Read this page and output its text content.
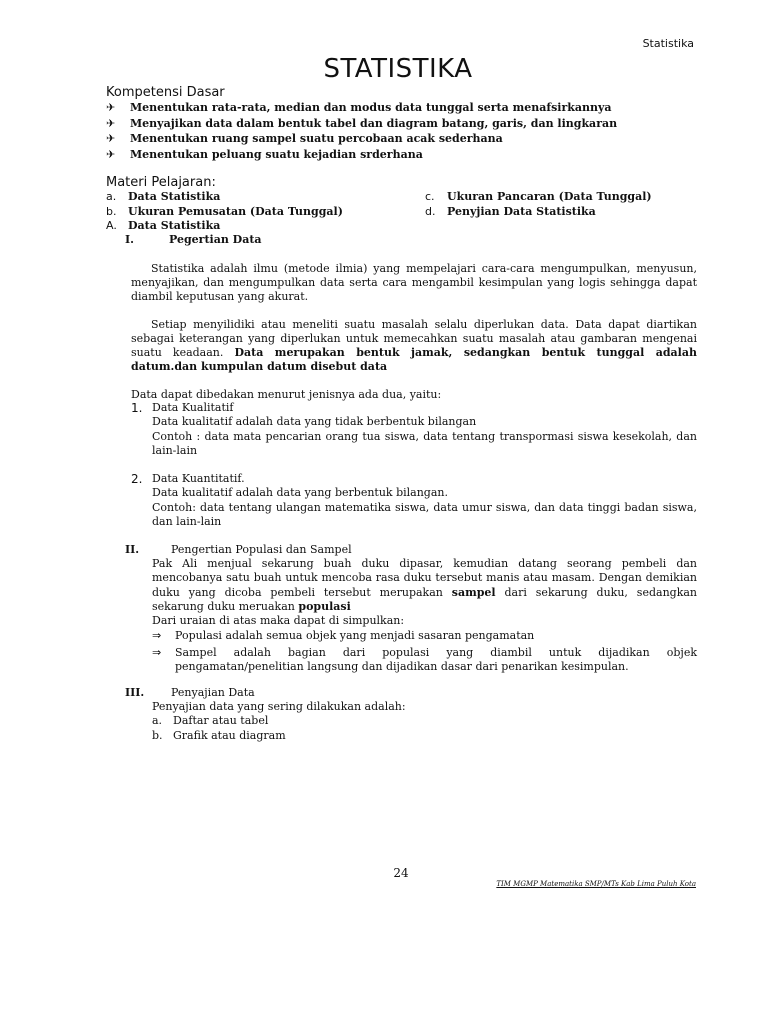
Statistika
STATISTIKA
Kompetensi Dasar
✈	Menentukan rata-rata, median dan modus data tunggal serta menafsirkannya
✈	Menyajikan data dalam bentuk tabel dan diagram batang, garis, dan lingkaran
✈	Menentukan ruang sampel suatu percobaan acak sederhana
✈	Menentukan peluang suatu kejadian srderhana
Materi Pelajaran:
a. Data Statistika
b. Ukuran Pemusatan (Data Tunggal)
c. Ukuran Pancaran (Data Tunggal)
d. Penyjian Data Statistika
A. Data Statistika
I.	Pegertian Data
Statistika adalah ilmu (metode ilmia) yang mempelajari cara-cara mengumpulkan, menyusun, menyajikan, dan mengumpulkan data serta cara mengambil kesimpulan yang logis sehingga dapat diambil keputusan yang akurat.
Setiap menyilidiki atau meneliti suatu masalah selalu diperlukan data. Data dapat diartikan sebagai keterangan yang diperlukan untuk memecahkan suatu masalah atau gambaran mengenai suatu keadaan. Data merupakan bentuk jamak, sedangkan bentuk tunggal adalah datum.dan kumpulan datum disebut data
Data dapat dibedakan menurut jenisnya ada dua, yaitu:
1. Data Kualitatif
Data kualitatif adalah data yang tidak berbentuk bilangan
Contoh : data mata pencarian orang tua siswa, data tentang transpormasi siswa kesekolah, dan lain-lain
2. Data Kuantitatif.
Data kualitatif adalah data yang berbentuk bilangan.
Contoh: data tentang ulangan matematika siswa, data umur siswa, dan data tinggi badan siswa, dan lain-lain
II.	Pengertian Populasi dan Sampel
Pak Ali menjual sekarung buah duku dipasar, kemudian datang seorang pembeli dan mencobanya satu buah untuk mencoba rasa duku tersebut manis atau masam. Dengan demikian duku yang dicoba pembeli tersebut merupakan sampel dari sekarung duku, sedangkan sekarung duku meruakan populasi
Dari uraian di atas maka dapat di simpulkan:
⇒	Populasi adalah semua objek yang menjadi sasaran pengamatan
⇒	Sampel adalah bagian dari populasi yang diambil untuk dijadikan objek pengamatan/penelitian langsung dan dijadikan dasar dari penarikan kesimpulan.
III. Penyajian Data
Penyajian data yang sering dilakukan adalah:
a. Daftar atau tabel
b. Grafik atau diagram
24
TIM MGMP Matematika SMP/MTs Kab Lima Puluh Kota
